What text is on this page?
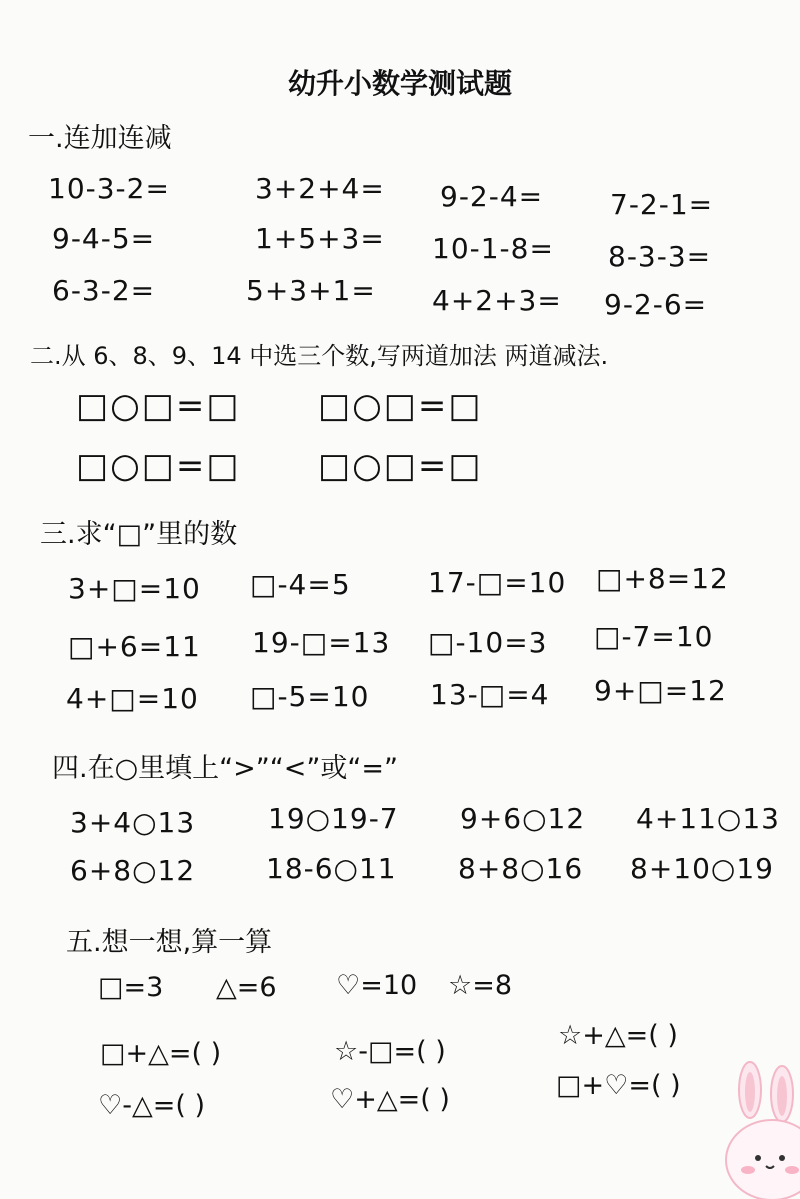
幼升小数学测试题
一.连加连减
10-3-2=	3+2+4= 9-2-4= 7-2-1=
9-4-5=	1+5+3= 10-1-8= 8-3-3=
6-3-2=	5+3+1= 4+2+3= 9-2-6=
二.从 6、8、9、14 中选三个数,写两道加法 两道减法.
□○□=□ □○□=□
□○□=□ □○□=□
三.求“□”里的数
3+□=10 □-4=5	17-□=10 □+8=12
□+6=11 19-□=13 □-10=3 □-7=10
4+□=10 □-5=10 13-□=4 9+□=12
四.在○里填上“>”“<”或“=”
3+4○13	19○19-7 9+6○12 4+11○13
6+8○12	18-6○11 8+8○16 8+10○19
五.想一想,算一算
□=3 △=6 ♡=10 ☆=8
□+△=( )	☆-□=( )
☆+△=( )
♡-△=( )	♡+△=( )	□+♡=( )
